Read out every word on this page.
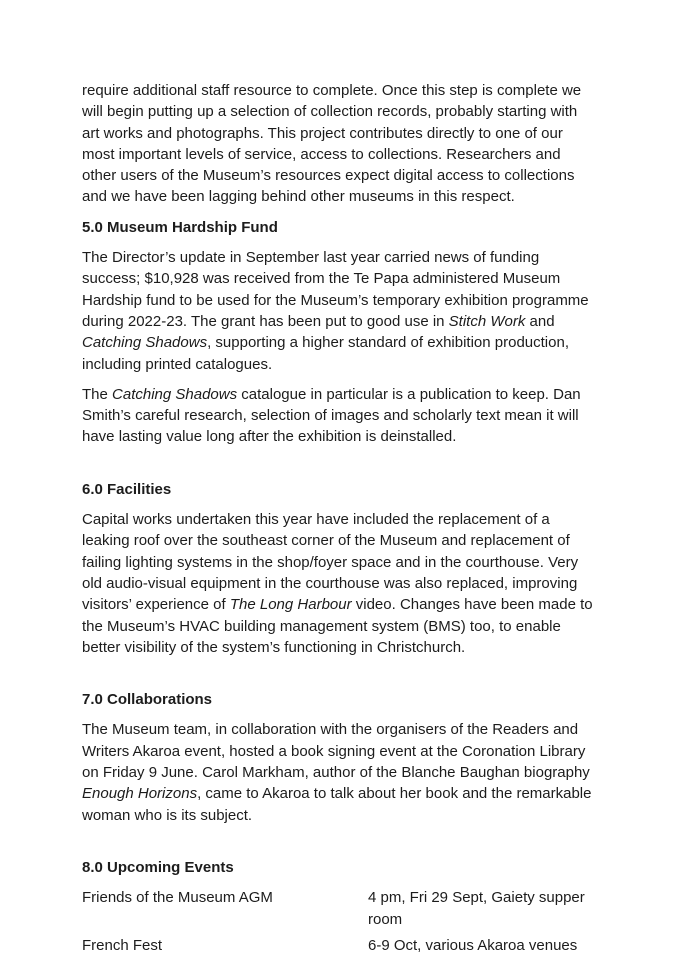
require additional staff resource to complete. Once this step is complete we will begin putting up a selection of collection records, probably starting with art works and photographs. This project contributes directly to one of our most important levels of service, access to collections. Researchers and other users of the Museum’s resources expect digital access to collections and we have been lagging behind other museums in this respect.

5.0 Museum Hardship Fund

The Director’s update in September last year carried news of funding success; $10,928 was received from the Te Papa administered Museum Hardship fund to be used for the Museum’s temporary exhibition programme during 2022-23. The grant has been put to good use in Stitch Work and Catching Shadows, supporting a higher standard of exhibition production, including printed catalogues.

The Catching Shadows catalogue in particular is a publication to keep. Dan Smith’s careful research, selection of images and scholarly text mean it will have lasting value long after the exhibition is deinstalled.

6.0 Facilities

Capital works undertaken this year have included the replacement of a leaking roof over the southeast corner of the Museum and replacement of failing lighting systems in the shop/foyer space and in the courthouse. Very old audio-visual equipment in the courthouse was also replaced, improving visitors’ experience of The Long Harbour video. Changes have been made to the Museum’s HVAC building management system (BMS) too, to enable better visibility of the system’s functioning in Christchurch.

7.0 Collaborations

The Museum team, in collaboration with the organisers of the Readers and Writers Akaroa event, hosted a book signing event at the Coronation Library on Friday 9 June. Carol Markham, author of the Blanche Baughan biography Enough Horizons, came to Akaroa to talk about her book and the remarkable woman who is its subject.

8.0 Upcoming Events
Friends of the Museum AGM	4 pm, Fri 29 Sept, Gaiety supper room
French Fest	6-9 Oct, various Akaroa venues
